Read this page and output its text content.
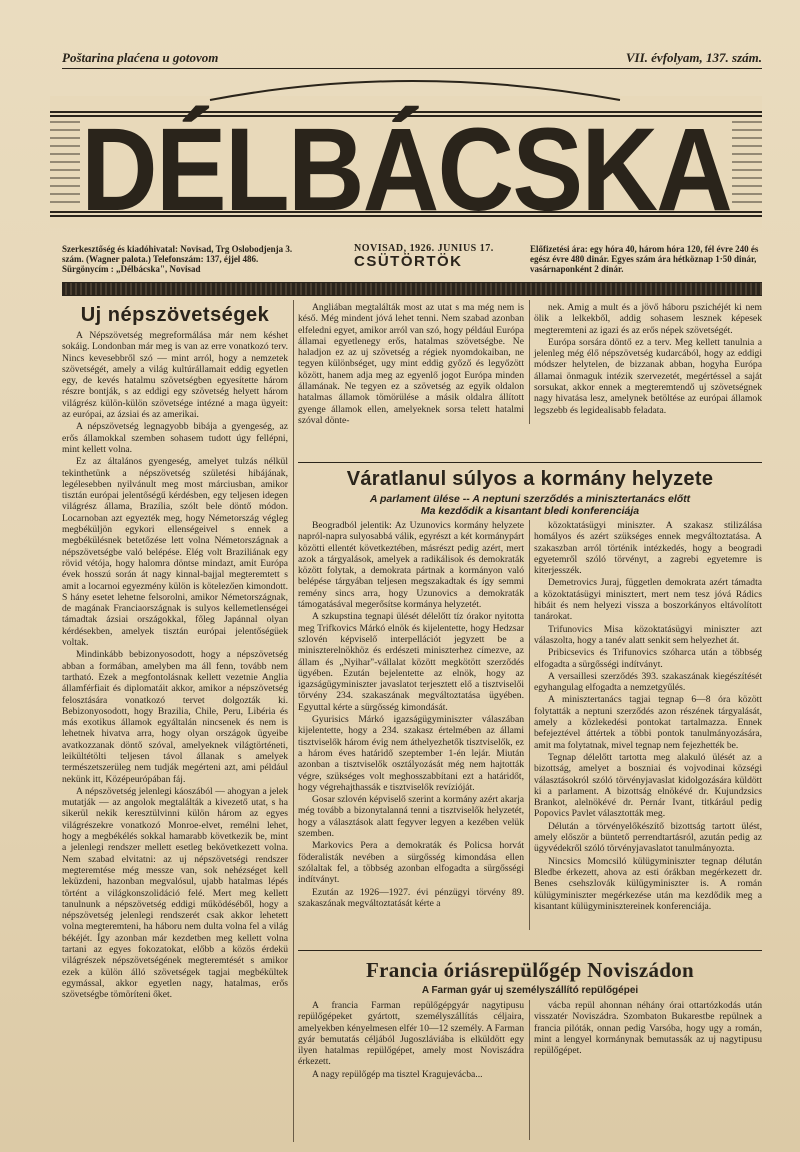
Poštarina plaćena u gotovom	VII. évfolyam, 137. szám.
DÉLBÁCSKA
Szerkesztőség és kiadóhivatal: Novisad, Trg Oslobodjenja 3. szám. (Wagner palota.) Telefonszám: 137, éjjel 486. Sürgönycím : „Délbácska", Novisad
NOVISAD, 1926. JUNIUS 17.
CSÜTÖRTÖK
Előfizetési ára: egy hóra 40, három hóra 120, fél évre 240 és egész évre 480 dinár. Egyes szám ára hétköznap 1·50 dinár, vasárnaponként 2 dinár.
Uj népszövetségek

A Népszövetség megreformálása már nem késhet sokáig. Londonban már meg is van az erre vonatkozó terv. Nincs kevesebbről szó — mint arról, hogy a nemzetek szövetségét, amely a világ kultúrállamait eddig egyetlen egy, de kevés hatalmu szövetségben egyesítette három részre bontják, s az eddigi egy szövetség helyett három világrész külön-külön szövetsége intézné a maga ügyeit: az európai, az ázsiai és az amerikai.

A népszövetség legnagyobb bibája a gyengeség, az erős államokkal szemben sohasem tudott úgy fellépni, mint kellett volna.

Ez az általános gyengeség, amelyet tulzás nélkül tekinthetünk a népszövetség születési hibájának, legélesebben nyilvánult meg most márciusban, amikor tisztán európai jelentőségű kérdésben, egy teljesen idegen világrész állama, Brazília, szólt bele döntő módon. Locarnoban azt egyezték meg, hogy Németország végleg megbéküljön egykori ellenségeivel s ennek a megbékülésnek betetőzése lett volna Németországnak a népszövetségbe való belépése. Elég volt Braziliának egy rövid vétója, hogy halomra döntse mindazt, amit Európa évek hosszú során át nagy kinnal-bajjal megteremtett s amit a locarnoi egyezmény külön is kötelezően kimondott. S hány esetet lehetne felsorolni, amikor Németországnak, de magának Franciaországnak is sulyos kellemetlenségei támadtak ázsiai országokkal, főleg Japánnal olyan kérdésekben, amelyek tisztán európai jelentőségüek voltak.

Mindinkább bebizonyosodott, hogy a népszövetség abban a formában, amelyben ma áll fenn, tovább nem tartható. Ezek a megfontolásnak kellett vezetnie Anglia államférfiait és diplomatáit akkor, amikor a népszövetség felosztására vonatkozó tervet dolgozták ki. Bebizonyosodott, hogy Brazilia, Chile, Peru, Libéria és más exotikus államok egyáltalán nincsenek és nem is lehetnek hivatva arra, hogy olyan országok ügyeibe avatkozzanak döntő szóval, amelyeknek világtörténeti, leikültétölti teljesen távol állanak s amelyek természetszerüleg nem tudják megérteni azt, ami például nekünk itt, Középeurópában fáj.

A népszövetség jelenlegi káoszából — ahogyan a jelek mutatják — az angolok megtalálták a kivezető utat, s ha sikerül nekik keresztülvinni külön három az egyes világrészekre vonatkozó Monroe-elvet, remélni lehet, hogy a megbékélés sokkal hamarabb következik be, mint a jelenlegi rendszer mellett esetleg bekövetkezett volna. Nem szabad elvitatni: az uj népszövetségi rendszer megteremtése még messze van, sok nehézséget kell leküzdeni, hazonban megvalósul, ujabb hatalmas lépés történt a világkonszolidáció felé. Mert meg kellett tanulnunk a népszövetség eddigi működéséből, hogy a népszövetség jelenlegi rendszerét csak akkor lehetett volna megteremteni, ha háboru nem dulta volna fel a világ békéjét. Így azonban már kezdetben meg kellett volna tartani az egyes fokozatokat, előbb a közös érdekü világrészek népszövetségének megteremtését s amikor ezek a külön álló szövetségek tagjai megbékültek egymással, akkor egyetlen nagy, hatalmas, erős szövetségbe tömöríteni őket.

Angliában megtalálták most az utat s ma még nem is késő. Még mindent jóvá lehet tenni. Nem szabad azonban elfeledni egyet, amikor arról van szó, hogy például Európa államai egyetlenegy erős, hatalmas szövetségbe. Ne haladjon ez az uj szövetség a régiek nyomdokaiban, ne tegyen különbséget, ugy mint eddig győző és legyőzött között, hanem adja meg az egyenlő jogot Európa minden államának. Ne tegyen ez a szövetség az egyik oldalon hatalmas államok tömörülése a másik oldalra állított gyenge államok ellen, amelyeknek sorsa telett hatalmi szóval dönte-

nek. Amig a mult és a jövő háboru pszichéjét ki nem ölik a lelkekből, addig sohasem lesznek képesek megteremteni az igazi és az erős népek szövetségét.

Európa sorsára döntő ez a terv. Meg kellett tanulnia a jelenleg még élő népszövetség kudarcából, hogy az eddigi módszer helytelen, de bizzanak abban, hogyha Európa államai önmaguk intézik szervezetét, megértéssel a saját sorsukat, akkor ennek a megteremtendő uj szövetségnek nagy hivatása lesz, amelynek betöltése az európai államok legszebb és legidealisabb feladata.

Váratlanul súlyos a kormány helyzete
A parlament ülése -- A neptuni szerződés a minisztertanács előtt
Ma kezdődik a kisantant bledi konferenciája

Beogradból jelentik: Az Uzunovics kormány helyzete napról-napra sulyosabbá válik, egyrészt a két kormánypárt közötti ellentét következtében, másrészt pedig azért, mert azok a tárgyalások, amelyek a radikálisok és demokraták között folytak, a demokrata pártnak a kormányon való belépése tárgyában teljesen megszakadtak és így semmi remény sincs arra, hogy Uzunovics a demokraták támogatásával megerősítse kormánya helyzetét.

A szkupstina tegnapi ülését délelőtt tíz órakor nyitotta meg Trifkovics Márkó elnök és kijelentette, hogy Hedzsar szlovén képviselő interpellációt jegyzett be a miniszterelnökhöz és erdészeti miniszterhez címezve, az állam és „Nyihar"-vállalat között megkötött szerződés ügyében. Ezután bejelentette az elnök, hogy az igazságügyminiszter javaslatot terjesztett elő a tisztviselői törvény 234. szakaszának megváltoztatása ügyében. Egyuttal kérte a sürgősség kimondását.

Gyurisics Márkó igazságügyminiszter válaszában kijelentette, hogy a 234. szakasz értelmében az állami tisztviselők három évig nem áthelyezhetők tisztviselők, ez a három éves határidő szeptember 1-én lejár. Miután azonban a tisztviselők osztályozását még nem hajtották végre, szükséges volt meghosszabbítani ezt a határidőt, hogy végrehajthassák e tisztviselők revízióját.

Gosar szlovén képviselő szerint a kormány azért akarja még tovább a bizonytalanná tenni a tisztviselők helyzetét, hogy a választások alatt fegyver legyen a kezében velük szemben.

Markovics Pera a demokraták és Policsa horvát föderalisták nevében a sürgősség kimondása ellen szólaltak fel, a többség azonban elfogadta a sürgősségi indítványt.

Ezután az 1926—1927. évi pénzügyi törvény 89. szakaszának megváltoztatását kérte a

közoktatásügyi miniszter. A szakasz stilizálása homályos és azért szükséges ennek megváltoztatása. A szakaszban arról történik intézkedés, hogy a beogradi egyetemről szóló törvényt, a zagrebi egyetemre is kiterjesszék.

Demetrovics Juraj, független demokrata azért támadta a közoktatásügyi minisztert, mert nem tesz jóvá Rádics hibáit és nem helyezi vissza a boszorkányos eltávolított tanárokat.

Trifunovics Misa közoktatásügyi miniszter azt válaszolta, hogy a tanév alatt senkit sem helyezhet át.

Pribicsevics és Trifunovics szóharca után a többség elfogadta a sürgősségi indítványt.

A versaillesi szerződés 393. szakaszának kiegészítését egyhangulag elfogadta a nemzetgyűlés.

A minisztertanács tagjai tegnap 6—8 óra között folytatták a neptuni szerződés azon részének tárgyalását, amely a közlekedési pontokat tartalmazza. Ennek befejeztével áttértek a többi pontok tanulmányozására, amit ma folytatnak, mivel tegnap nem fejezhették be.

Tegnap délelőtt tartotta meg alakuló ülését az a bizottság, amelyet a boszniai és vojvodinai községi választásokról szóló törvényjavaslat kidolgozására küldött ki a parlament. A bizottság elnökévé dr. Kujundzsics Brankot, alelnökévé dr. Pernár Ivant, titkárául pedig Popovics Pavlet választották meg.

Délután a törvényelőkészítő bizottság tartott ülést, amely először a büntető perrendtartásról, azután pedig az ügyvédekről szóló törvényjavaslatot tanulmányozta.

Nincsics Momcsiló külügyminiszter tegnap délután Bledbe érkezett, ahova az esti órákban megérkezett dr. Benes csehszlovák külügyminiszter is. A román külügyminiszter megérkezése után ma kezdődik meg a kisantant külügyminisztereinek konferenciája.

Francia óriásrepülőgép Noviszádon
A Farman gyár uj személyszállító repülőgépei

A francia Farman repülőgépgyár nagytipusu repülőgépeket gyártott, személyszállítás céljaira, amelyekben kényelmesen elfér 10—12 személy. A Farman gyár bemutatás céljából Jugoszláviába is elküldött egy ilyen hatalmas repülőgépet, amely most Noviszádra érkezett.

A nagy repülőgép ma tisztel Kragujevácba...

vácba repül ahonnan néhány órai ottartózkodás után visszatér Noviszádra. Szombaton Bukarestbe repülnek a francia pilóták, onnan pedig Varsóba, hogy ugy a román, mint a lengyel kormánynak bemutassák az uj nagytipusu repülőgépet.
